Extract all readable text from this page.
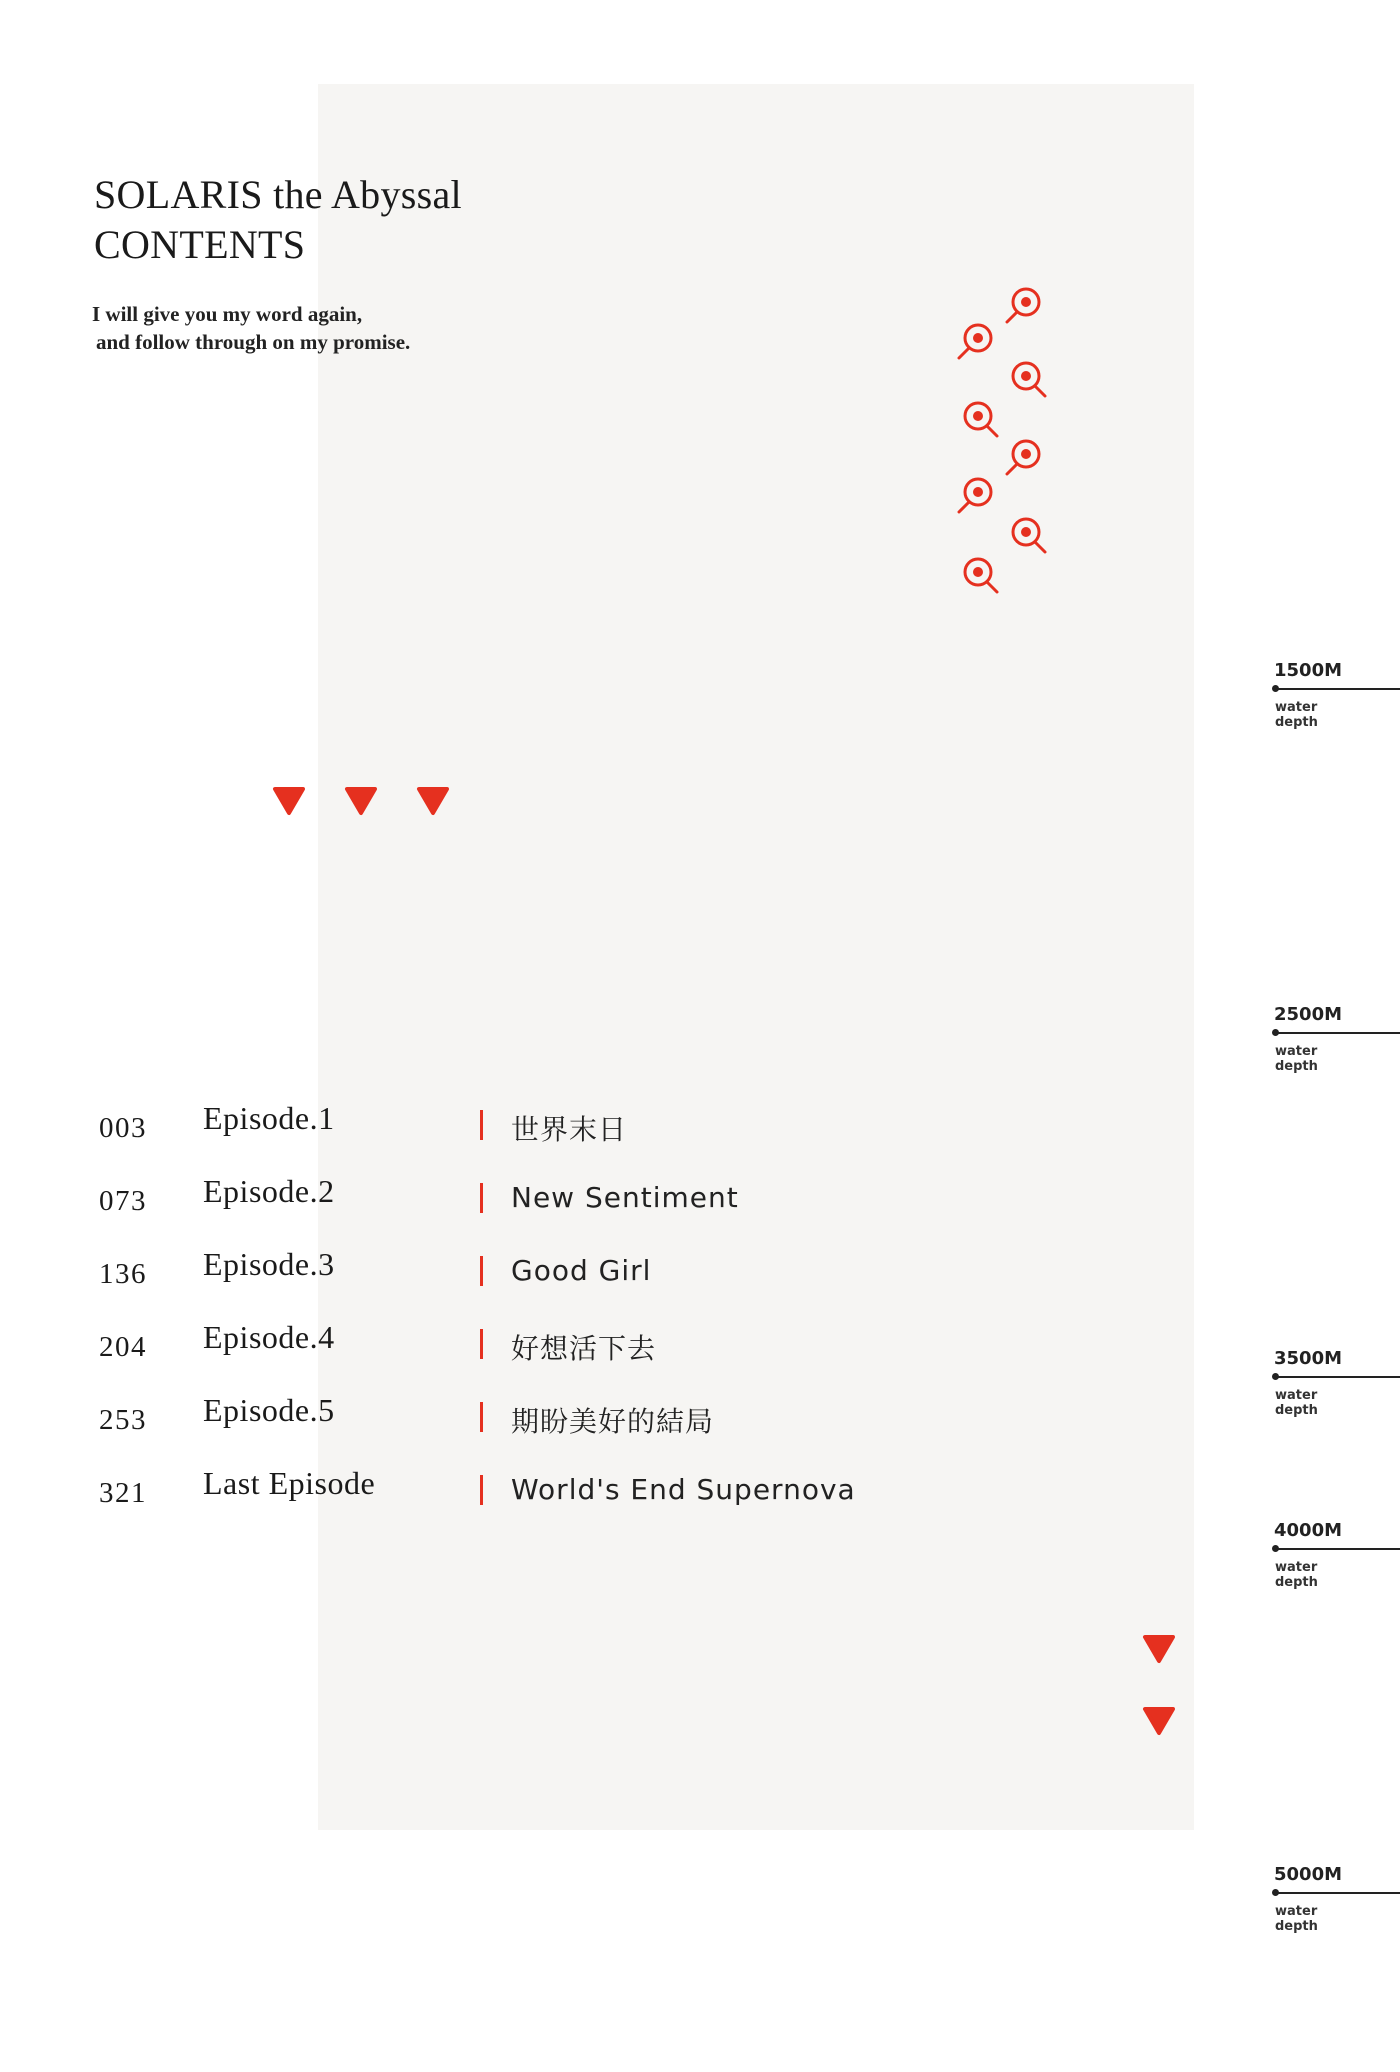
SOLARIS the Abyssal
CONTENTS
I will give you my word again,
and follow through on my promise.
003 Episode.1	世界末日
073 Episode.2	New Sentiment
136 Episode.3	Good Girl
204 Episode.4	好想活下去
253 Episode.5	期盼美好的結局
321 Last Episode	World's End Supernova
1500M
water
depth
2500M
water
depth
3500M
water
depth
4000M
water
depth
5000M
water
depth
